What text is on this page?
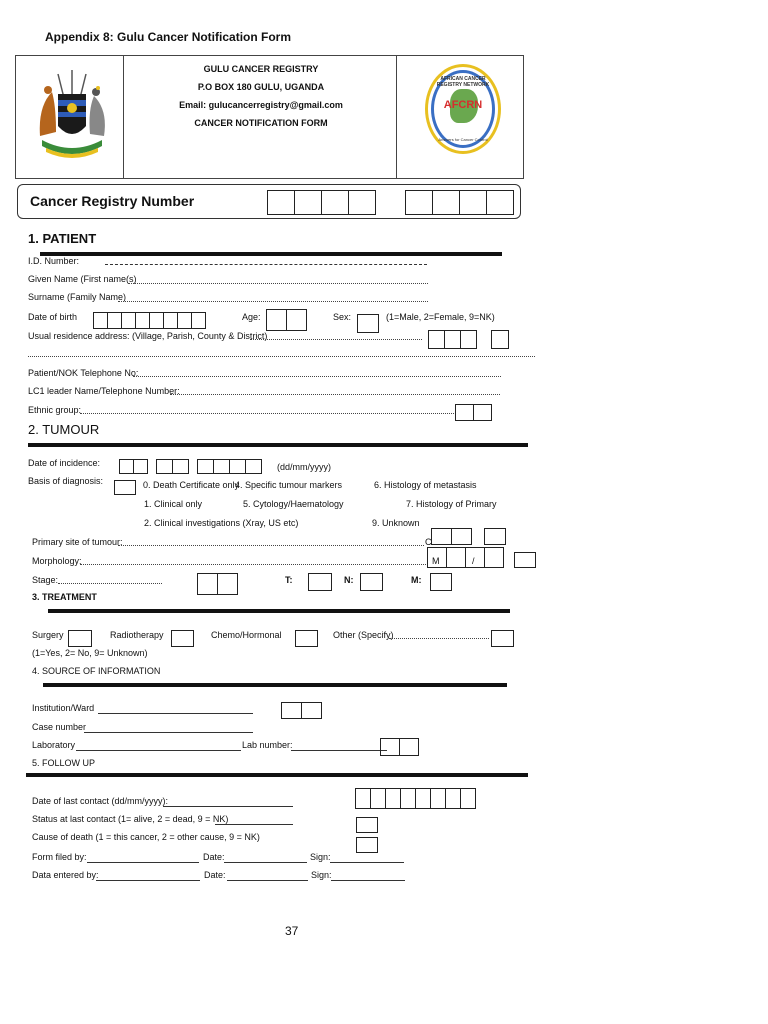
Appendix 8: Gulu Cancer Notification Form
GULU CANCER REGISTRY
P.O BOX 180 GULU, UGANDA
Email: gulucancerregistry@gmail.com
CANCER NOTIFICATION FORM
AFRICAN CANCER REGISTRY NETWORK
AFCRN
Answers for Cancer Control
Cancer Registry Number
1. PATIENT
I.D. Number:
Given Name (First name(s)
Surname (Family Name)
Date of birth	Age:	Sex:	(1=Male, 2=Female, 9=NK)
Usual residence address: (Village, Parish, County & District)
Patient/NOK Telephone No:
LC1 leader Name/Telephone Number:
Ethnic group:
2. TUMOUR
Date of incidence:	(dd/mm/yyyy)
Basis of diagnosis:	0. Death Certificate only
4. Specific tumour markers	6. Histology of metastasis
1. Clinical only	5. Cytology/Haematology	7. Histology of Primary
2. Clinical investigations (Xray, US etc)	9. Unknown
Primary site of tumour:	C
Morphology:	M	/
Stage:	T:	N:	M:
3. TREATMENT
Surgery	Radiotherapy	Chemo/Hormonal	Other (Specify)
(1=Yes, 2= No, 9= Unknown)
4. SOURCE OF INFORMATION
Institution/Ward
Case number
Laboratory	Lab number:
5. FOLLOW UP
Date of last contact (dd/mm/yyyy):
Status at last contact (1= alive, 2 = dead, 9 = NK)
Cause of death (1 = this cancer, 2 = other cause, 9 = NK)
Form filed by:	Date:	Sign:
Data entered by:	Date:	Sign:
37
